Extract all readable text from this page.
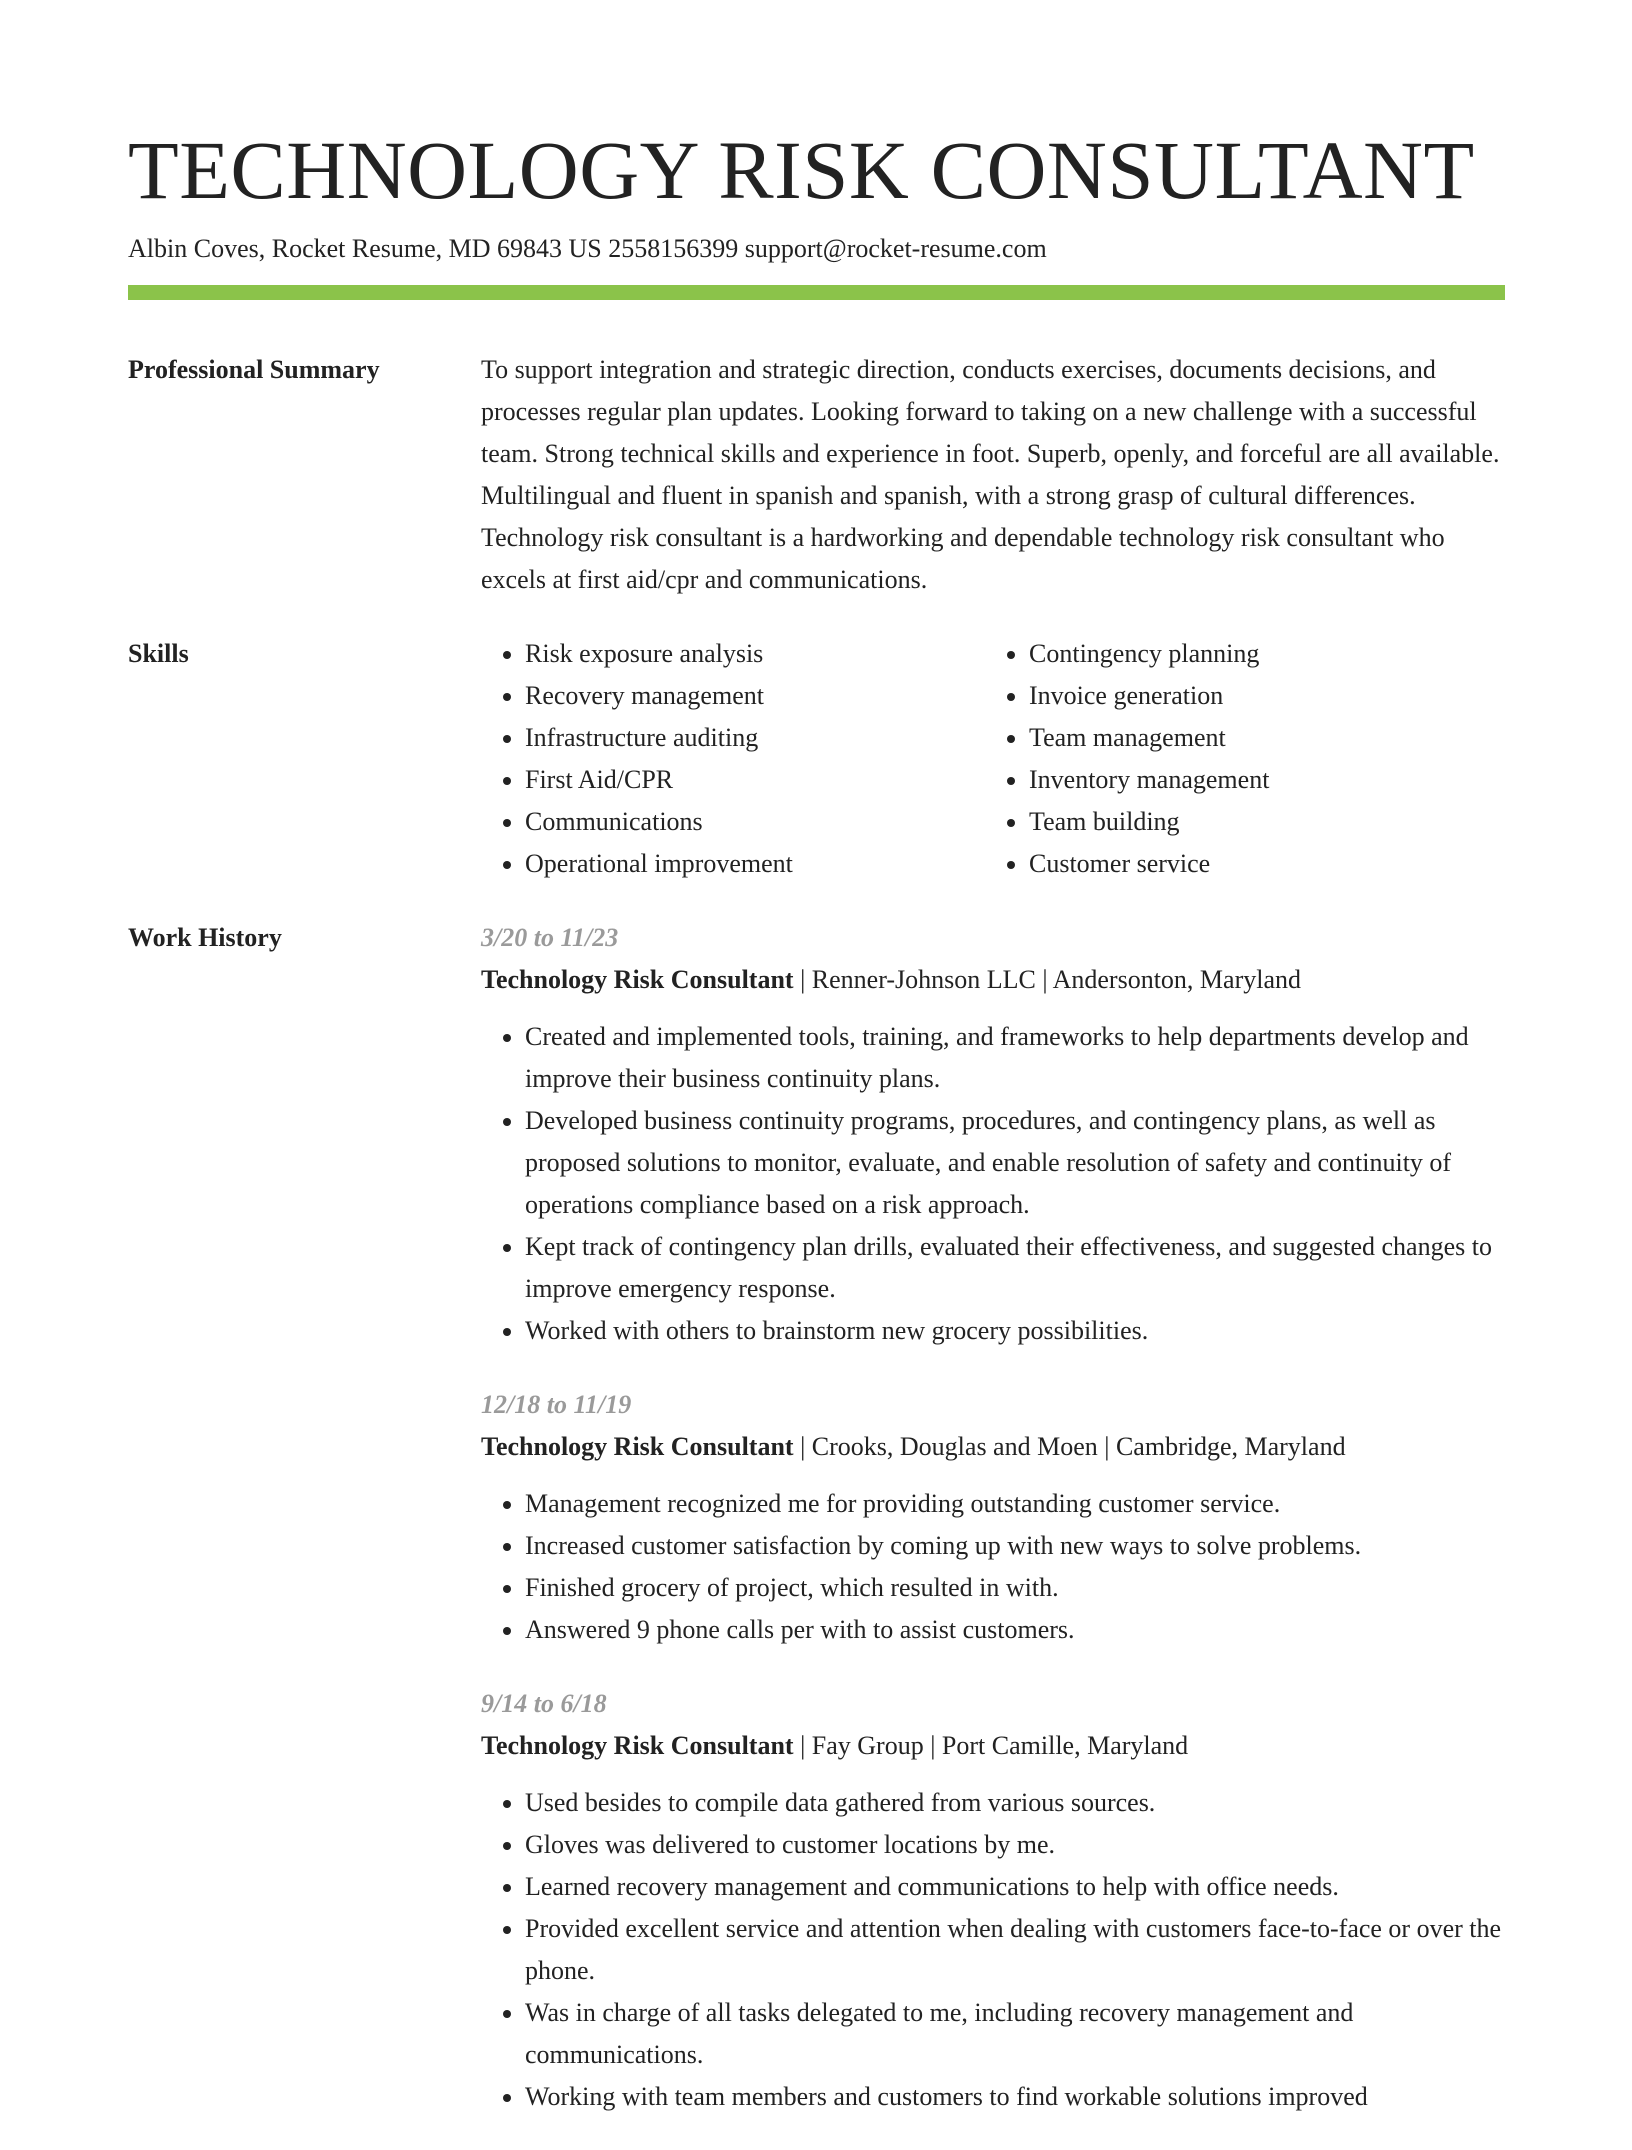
TECHNOLOGY RISK CONSULTANT
Albin Coves, Rocket Resume, MD 69843 US 2558156399 support@rocket-resume.com
Professional Summary	To support integration and strategic direction, conducts exercises, documents decisions, and processes regular plan updates. Looking forward to taking on a new challenge with a successful team. Strong technical skills and experience in foot. Superb, openly, and forceful are all available. Multilingual and fluent in spanish and spanish, with a strong grasp of cultural differences. Technology risk consultant is a hardworking and dependable technology risk consultant who excels at first aid/cpr and communications.
Skills
•	Risk exposure analysis
• Recovery management
• Infrastructure auditing
• First Aid/CPR
• Communications
• Operational improvement
• Contingency planning
• Invoice generation
• Team management
• Inventory management
• Team building
• Customer service
Work History	3/20 to 11/23
Technology Risk Consultant | Renner-Johnson LLC | Andersonton, Maryland
• Created and implemented tools, training, and frameworks to help departments develop and improve their business continuity plans.
• Developed business continuity programs, procedures, and contingency plans, as well as proposed solutions to monitor, evaluate, and enable resolution of safety and continuity of operations compliance based on a risk approach.
• Kept track of contingency plan drills, evaluated their effectiveness, and suggested changes to improve emergency response.
• Worked with others to brainstorm new grocery possibilities.
12/18 to 11/19
Technology Risk Consultant | Crooks, Douglas and Moen | Cambridge, Maryland
• Management recognized me for providing outstanding customer service.
• Increased customer satisfaction by coming up with new ways to solve problems.
• Finished grocery of project, which resulted in with.
• Answered 9 phone calls per with to assist customers.
9/14 to 6/18
Technology Risk Consultant | Fay Group | Port Camille, Maryland
• Used besides to compile data gathered from various sources.
• Gloves was delivered to customer locations by me.
• Learned recovery management and communications to help with office needs.
• Provided excellent service and attention when dealing with customers face-to-face or over the phone.
• Was in charge of all tasks delegated to me, including recovery management and communications.
• Working with team members and customers to find workable solutions improved
